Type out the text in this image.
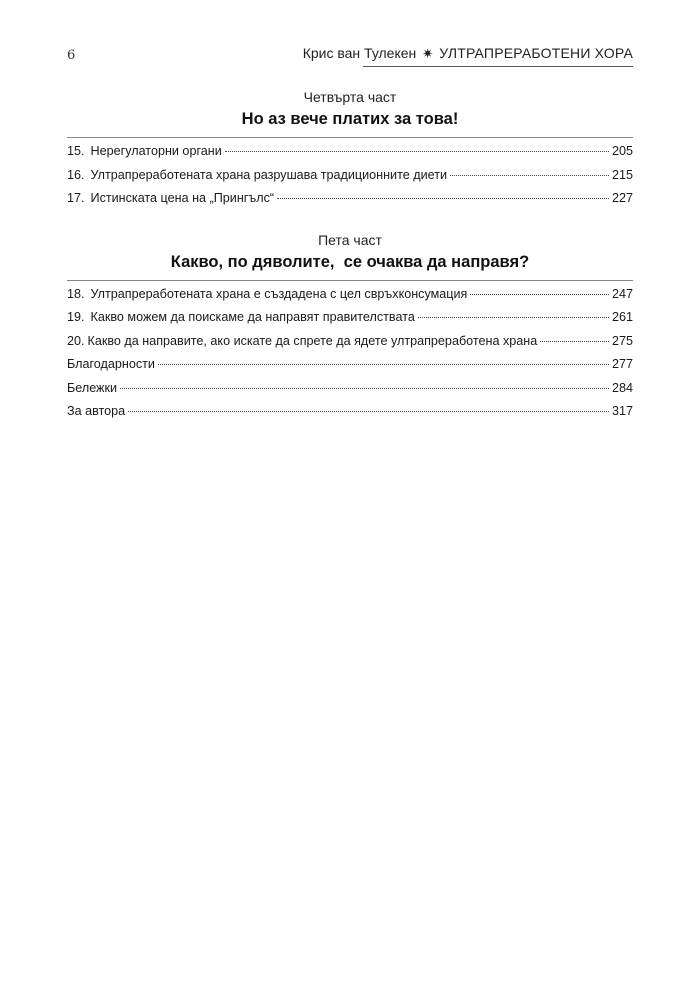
6	Крис ван Тулекен ✷ УЛТРАПРЕРАБОТЕНИ ХОРА

Четвърта част

Но аз вече платих за това!

15. Нерегулаторни органи	205
16. Ултрапреработената храна разрушава традиционните диети	215
17. Истинската цена на „Прингълс“	227

Пета част

Какво, по дяволите,  се очаква да направя?

18. Ултрапреработената храна е създадена с цел свръхконсумация	247
19. Какво можем да поискаме да направят правителствата	261
20. Какво да направите, ако искате да спрете да ядете ултрапреработена храна	275
Благодарности	277
Бележки	284
За автора	317
